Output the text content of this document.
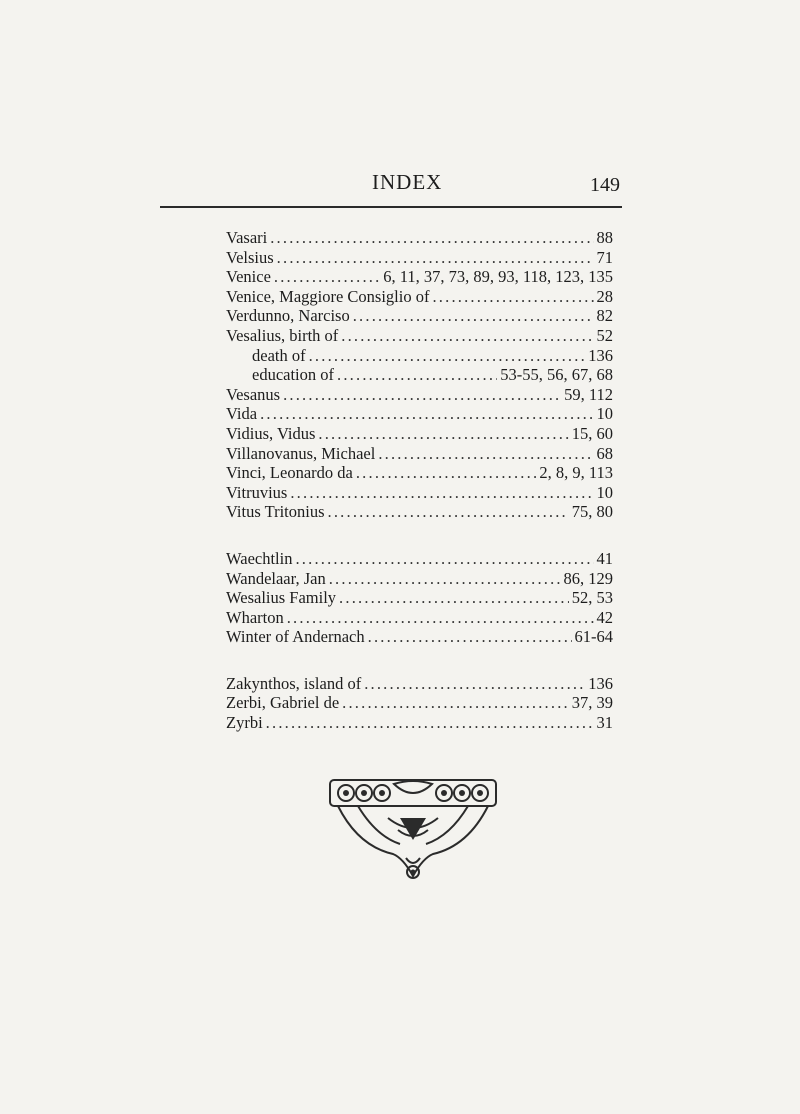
INDEX	149
Vasari .....	88
Velsius .....	71
Venice .....	6, 11, 37, 73, 89, 93, 118, 123, 135
Venice, Maggiore Consiglio of .....	28
Verdunno, Narciso .....	82
Vesalius, birth of .....	52
death of .....	136
education of .....	53-55, 56, 67, 68
Vesanus .....	59, 112
Vida .....	10
Vidius, Vidus .....	15, 60
Villanovanus, Michael .....	68
Vinci, Leonardo da .....	2, 8, 9, 113
Vitruvius .....	10
Vitus Tritonius .....	75, 80
Waechtlin .....	41
Wandelaar, Jan .....	86, 129
Wesalius Family .....	52, 53
Wharton .....	42
Winter of Andernach .....	61-64
Zakynthos, island of .....	136
Zerbi, Gabriel de .....	37, 39
Zyrbi .....	31
